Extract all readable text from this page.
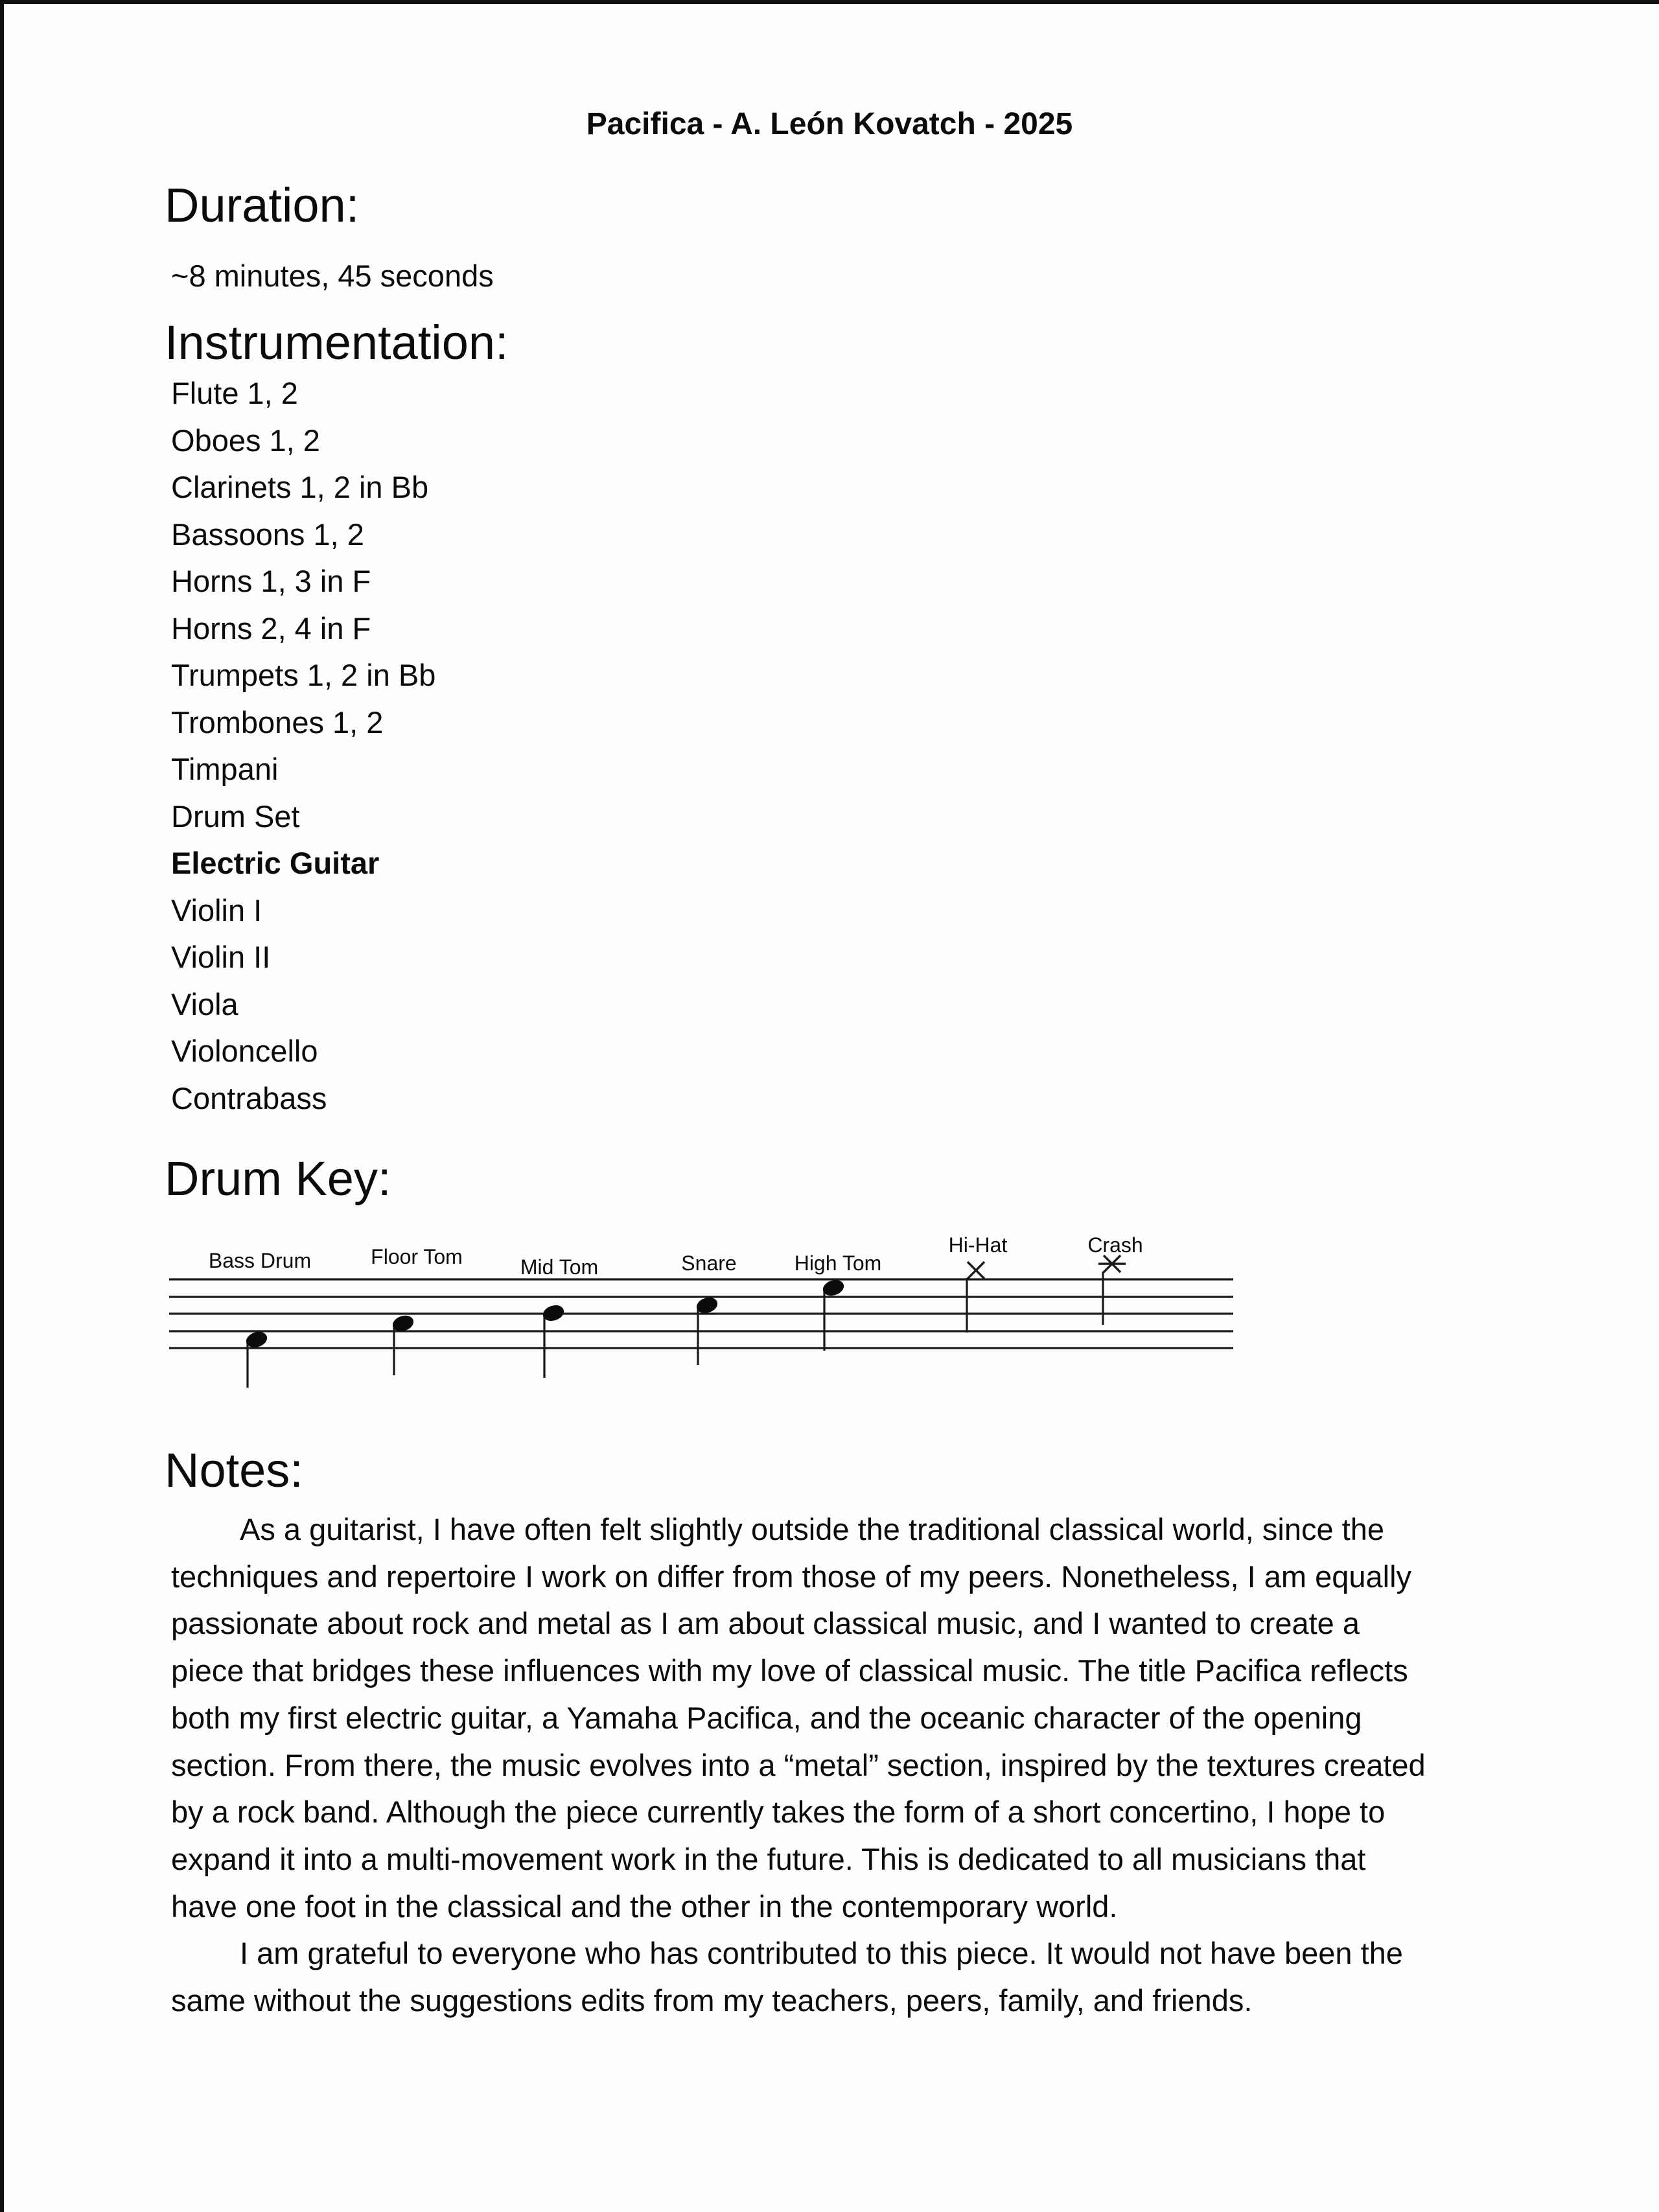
Pacifica - A. León Kovatch - 2025
Duration:

~8 minutes, 45 seconds

Instrumentation:
Flute 1, 2
Oboes 1, 2
Clarinets 1, 2 in Bb
Bassoons 1, 2
Horns 1, 3 in F
Horns 2, 4 in F
Trumpets 1, 2 in Bb
Trombones 1, 2
Timpani
Drum Set
Electric Guitar
Violin I
Violin II
Viola
Violoncello
Contrabass
Drum Key:
Bass Drum	Floor Tom	Mid Tom	Snare	High Tom
Hi-Hat	Crash
Notes:

As a guitarist, I have often felt slightly outside the traditional classical world, since the techniques and repertoire I work on differ from those of my peers. Nonetheless, I am equally passionate about rock and metal as I am about classical music, and I wanted to create a piece that bridges these influences with my love of classical music. The title Pacifica reflects both my first electric guitar, a Yamaha Pacifica, and the oceanic character of the opening section. From there, the music evolves into a “metal” section, inspired by the textures created by a rock band. Although the piece currently takes the form of a short concertino, I hope to expand it into a multi-movement work in the future. This is dedicated to all musicians that have one foot in the classical and the other in the contemporary world.

I am grateful to everyone who has contributed to this piece. It would not have been the same without the suggestions edits from my teachers, peers, family, and friends.
